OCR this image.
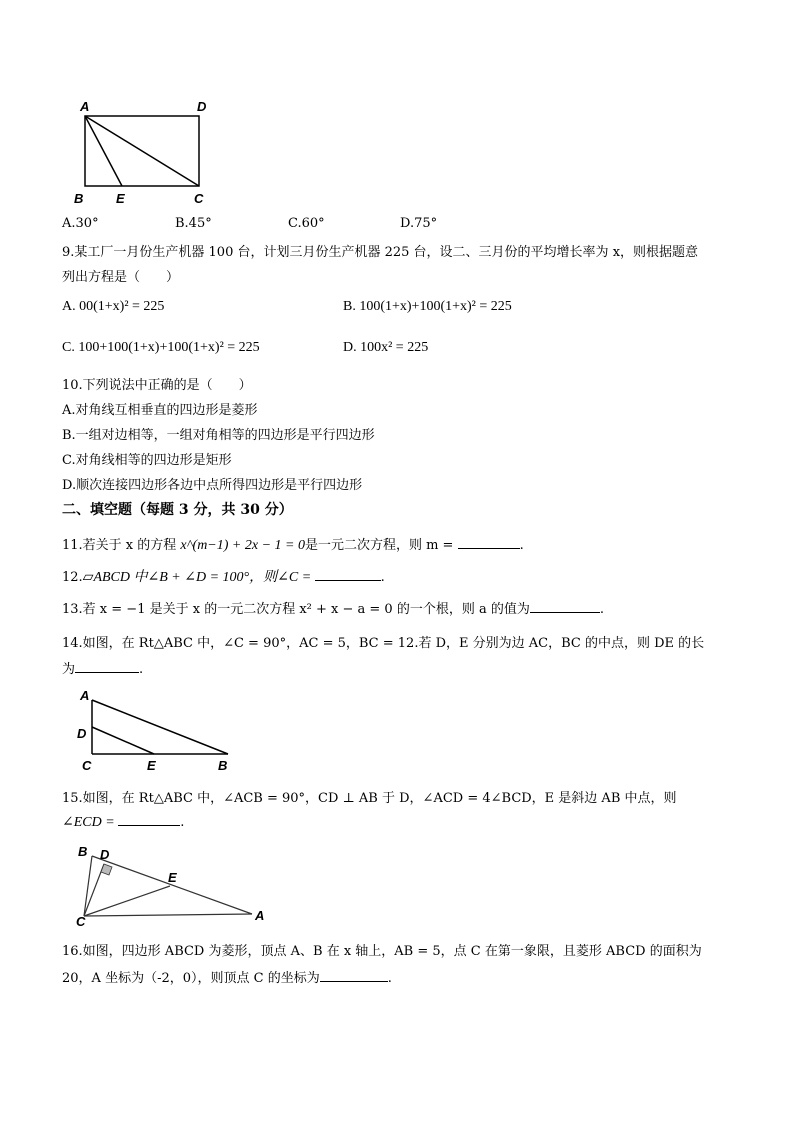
A	D
B	E	C
A.30°	B.45°	C.60°	D.75°
9.某工厂一月份生产机器 100 台，计划三月份生产机器 225 台，设二、三月份的平均增长率为 x，则根据题意
列出方程是（　　）
A. 00(1+x)² = 225	B. 100(1+x)+100(1+x)² = 225
C. 100+100(1+x)+100(1+x)² = 225	D. 100x² = 225
10.下列说法中正确的是（　　）
A.对角线互相垂直的四边形是菱形
B.一组对边相等，一组对角相等的四边形是平行四边形
C.对角线相等的四边形是矩形
D.顺次连接四边形各边中点所得四边形是平行四边形
二、填空题（每题 3 分，共 30 分）
11.若关于 x 的方程 x^(m−1) + 2x − 1 = 0是一元二次方程，则 m =	.
12.▱ABCD 中∠B + ∠D = 100°，则∠C =	.
13.若 x = −1 是关于 x 的一元二次方程 x² + x − a = 0 的一个根，则 a 的值为	.
14.如图，在 Rt△ABC 中，∠C = 90°，AC = 5，BC = 12.若 D，E 分别为边 AC，BC 的中点，则 DE 的长
为	.
A
D
C	E	B
15.如图，在 Rt△ABC 中，∠ACB = 90°，CD ⊥ AB 于 D，∠ACD = 4∠BCD，E 是斜边 AB 中点，则
∠ECD =	.
B D
E
C	A
16.如图，四边形 ABCD 为菱形，顶点 A、B 在 x 轴上，AB = 5，点 C 在第一象限，且菱形 ABCD 的面积为
20，A 坐标为（-2，0），则顶点 C 的坐标为	.
